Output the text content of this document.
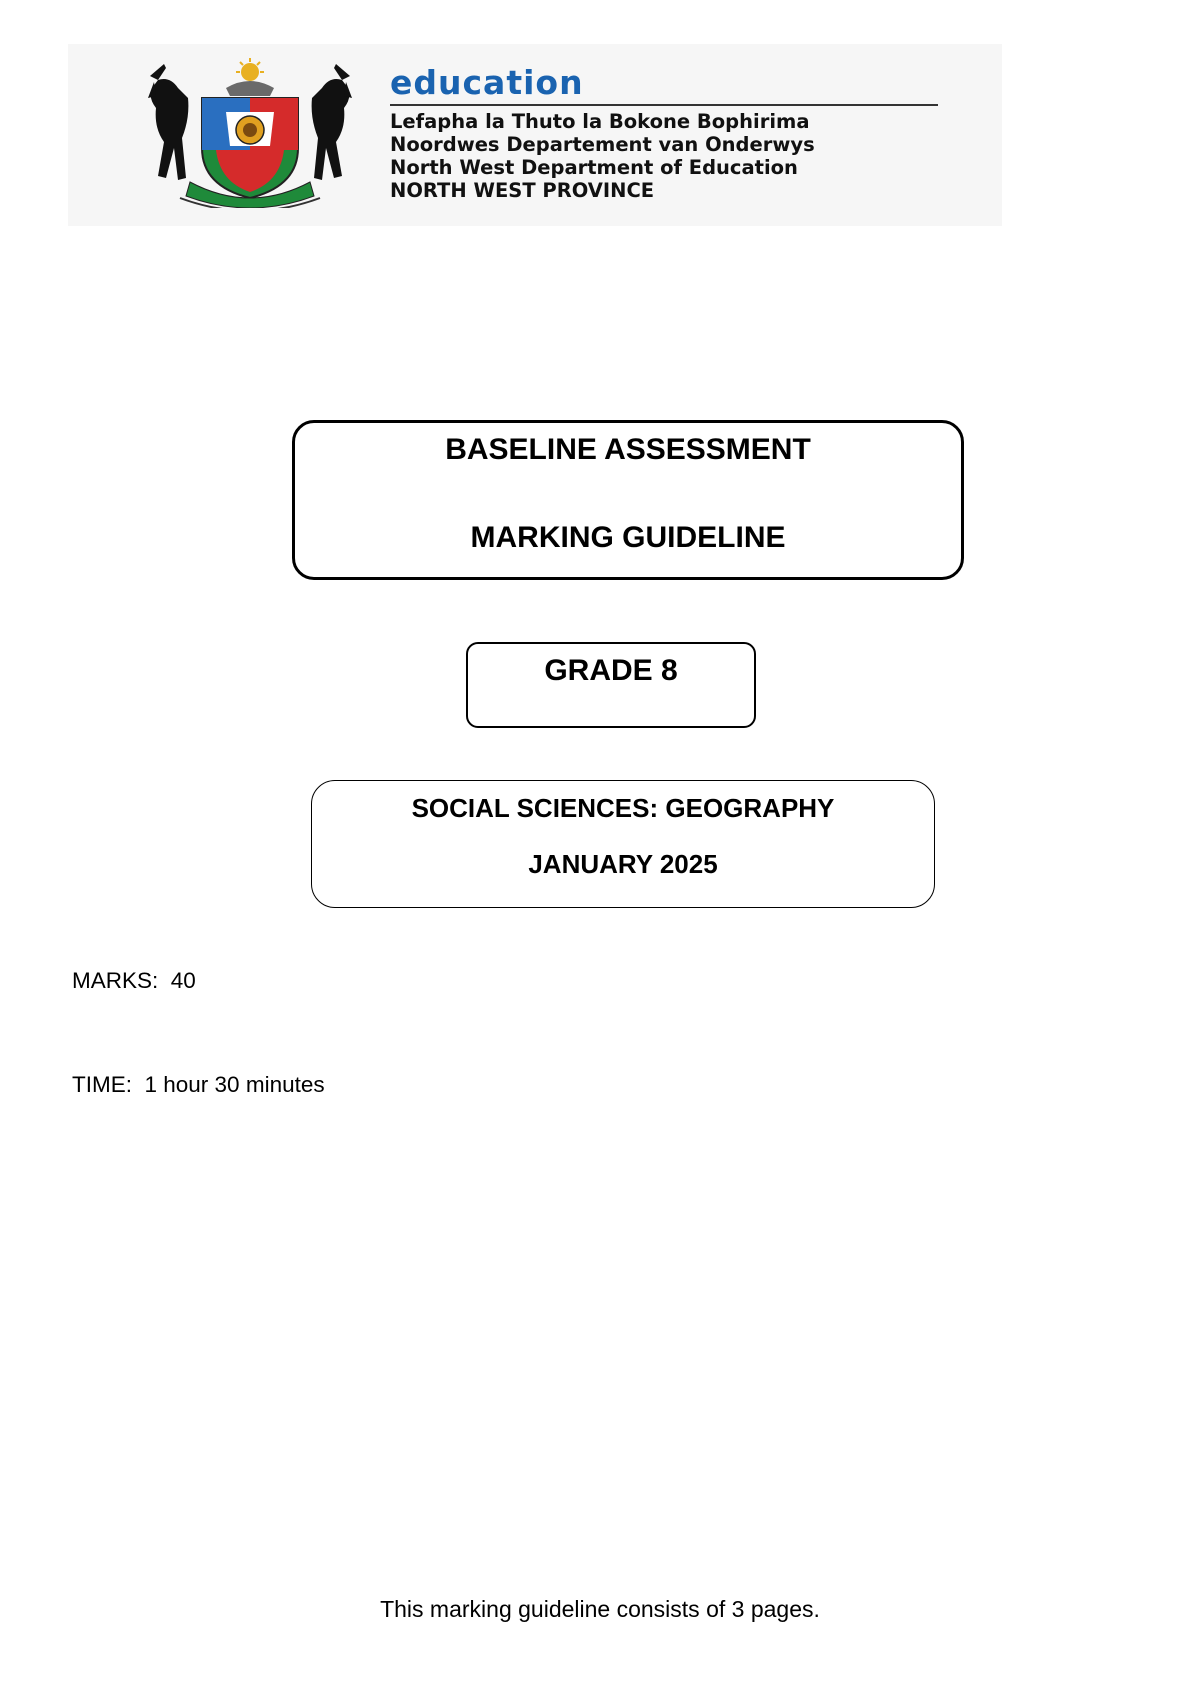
education
Lefapha la Thuto la Bokone Bophirima
Noordwes Departement van Onderwys
North West Department of Education
NORTH WEST PROVINCE
BASELINE ASSESSMENT
MARKING GUIDELINE
GRADE 8
SOCIAL SCIENCES: GEOGRAPHY
JANUARY 2025
MARKS:  40
TIME:  1 hour 30 minutes
This marking guideline consists of 3 pages.
